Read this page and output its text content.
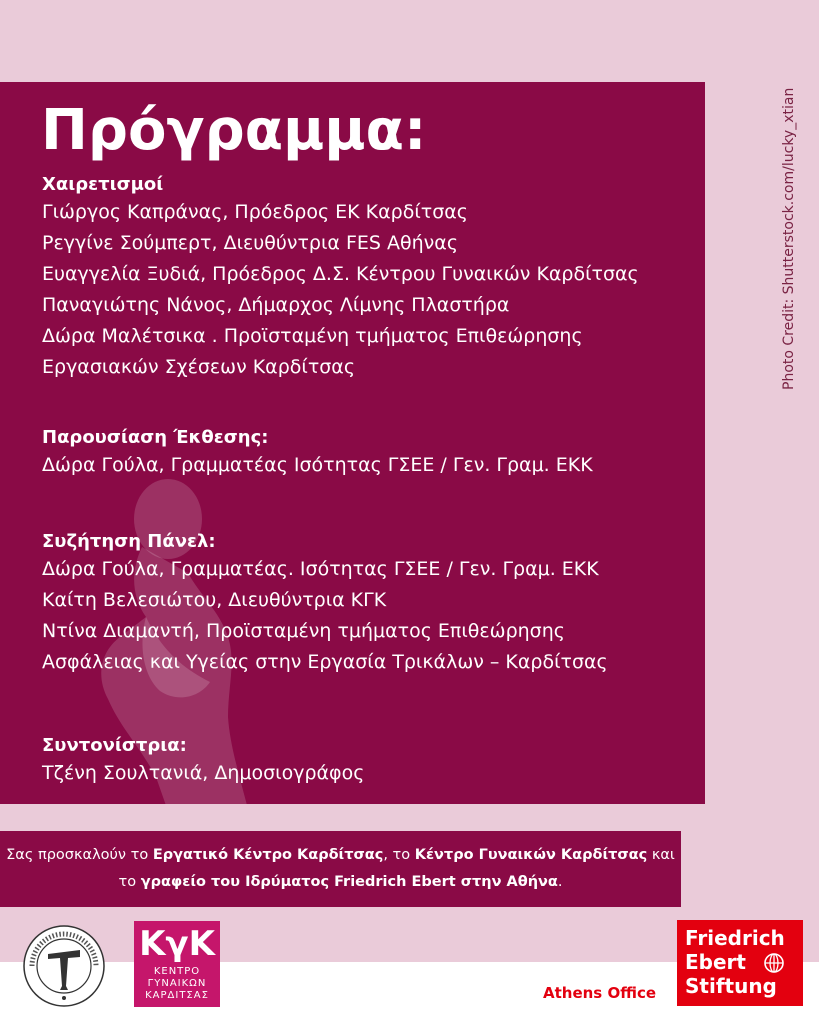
Πρόγραμμα:
Χαιρετισμοί
Γιώργος Καπράνας, Πρόεδρος ΕΚ Καρδίτσας
Ρεγγίνε Σούμπερτ, Διευθύντρια FES Αθήνας
Ευαγγελία Ξυδιά, Πρόεδρος Δ.Σ. Κέντρου Γυναικών Καρδίτσας
Παναγιώτης Νάνος, Δήμαρχος Λίμνης Πλαστήρα
Δώρα Μαλέτσικα . Προϊσταμένη τμήματος Επιθεώρησης
Εργασιακών Σχέσεων Καρδίτσας
Παρουσίαση Έκθεσης:
Δώρα Γούλα, Γραμματέας Ισότητας ΓΣΕΕ / Γεν. Γραμ. ΕΚΚ
Συζήτηση Πάνελ:
Δώρα Γούλα, Γραμματέας. Ισότητας ΓΣΕΕ / Γεν. Γραμ. ΕΚΚ
Καίτη Βελεσιώτου, Διευθύντρια ΚΓΚ
Ντίνα Διαμαντή, Προϊσταμένη τμήματος Επιθεώρησης
Ασφάλειας και Υγείας στην Εργασία Τρικάλων – Καρδίτσας
Συντονίστρια:
Τζένη Σουλτανιά, Δημοσιογράφος
Photo Credit: Shutterstock.com/lucky_xtian
Σας προσκαλούν το Εργατικό Κέντρο Καρδίτσας, το Κέντρο Γυναικών Καρδίτσας και το γραφείο του Ιδρύματος Friedrich Ebert στην Αθήνα.
ΚγΚ
ΚΕΝΤΡΟ
ΓΥΝΑΙΚΩΝ
ΚΑΡΔΙΤΣΑΣ	Athens Office
Friedrich
Ebert
Stiftung
